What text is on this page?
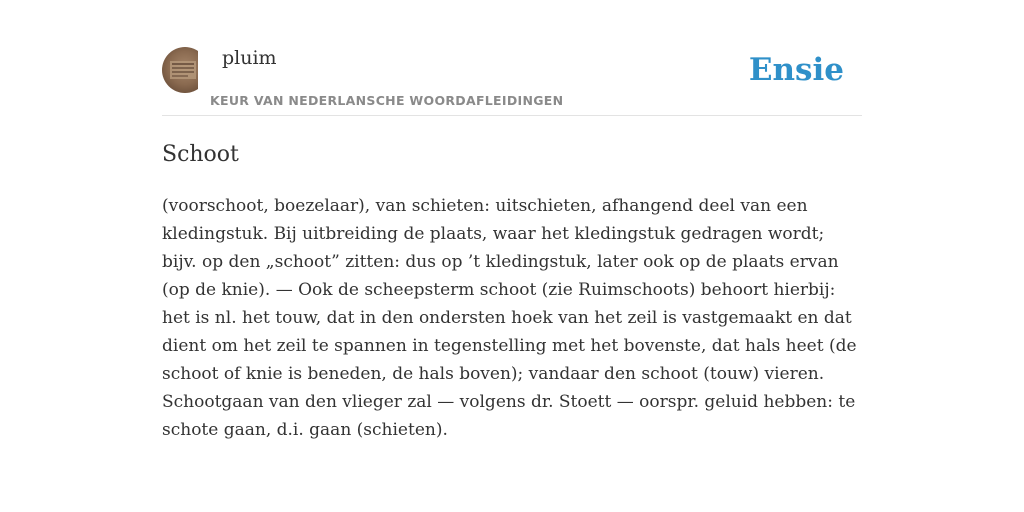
pluim
KEUR VAN NEDERLANSCHE WOORDAFLEIDINGEN
Ensie
Schoot

(voorschoot, boezelaar), van schieten: uitschieten, afhangend deel van een kledingstuk. Bij uitbreiding de plaats, waar het kledingstuk gedragen wordt; bijv. op den „schoot” zitten: dus op ’t kledingstuk, later ook op de plaats ervan (op de knie). — Ook de scheepsterm schoot (zie Ruimschoots) behoort hierbij: het is nl. het touw, dat in den ondersten hoek van het zeil is vastgemaakt en dat dient om het zeil te spannen in tegenstelling met het bovenste, dat hals heet (de schoot of knie is beneden, de hals boven); vandaar den schoot (touw) vieren. Schootgaan van den vlieger zal — volgens dr. Stoett — oorspr. geluid hebben: te schote gaan, d.i. gaan (schieten).
